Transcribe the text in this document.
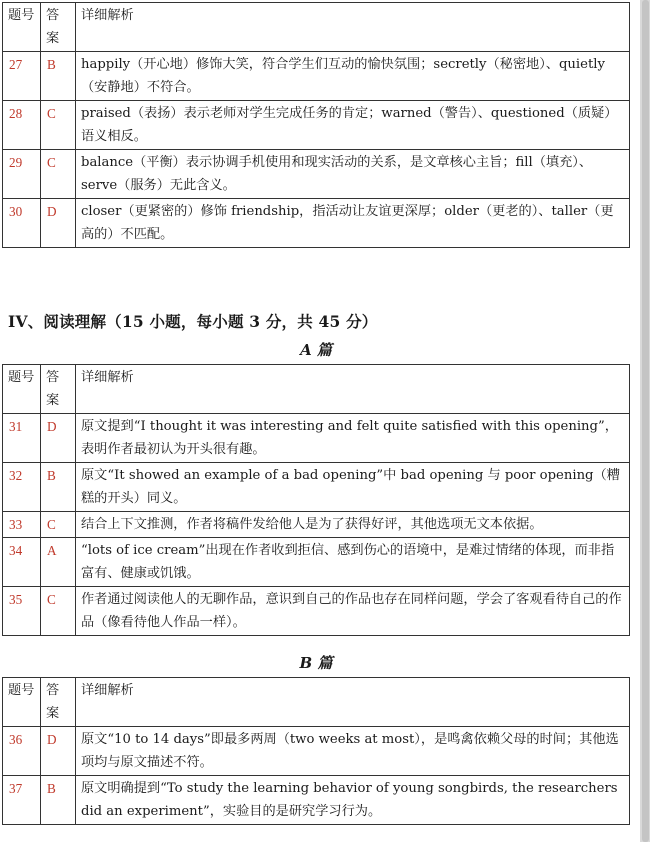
题号	答案	详细解析
27	B	happily（开心地）修饰大笑，符合学生们互动的愉快氛围；secretly（秘密地）、quietly（安静地）不符合。
28	C	praised（表扬）表示老师对学生完成任务的肯定；warned（警告）、questioned（质疑）语义相反。
29	C	balance（平衡）表示协调手机使用和现实活动的关系，是文章核心主旨；fill（填充）、serve（服务）无此含义。
30	D	closer（更紧密的）修饰 friendship，指活动让友谊更深厚；older（更老的）、taller（更高的）不匹配。
IV、阅读理解（15 小题，每小题 3 分，共 45 分）
A 篇
题号	答案	详细解析
31	D	原文提到“I thought it was interesting and felt quite satisfied with this opening”，表明作者最初认为开头很有趣。
32	B	原文“It showed an example of a bad opening”中 bad opening 与 poor opening（糟糕的开头）同义。
33	C	结合上下文推测，作者将稿件发给他人是为了获得好评，其他选项无文本依据。
34	A	“lots of ice cream”出现在作者收到拒信、感到伤心的语境中，是难过情绪的体现，而非指富有、健康或饥饿。
35	C	作者通过阅读他人的无聊作品，意识到自己的作品也存在同样问题，学会了客观看待自己的作品（像看待他人作品一样）。
B 篇
题号	答案	详细解析
36	D	原文“10 to 14 days”即最多两周（two weeks at most），是鸣禽依赖父母的时间；其他选项均与原文描述不符。
37	B	原文明确提到“To study the learning behavior of young songbirds, the researchers did an experiment”，实验目的是研究学习行为。
